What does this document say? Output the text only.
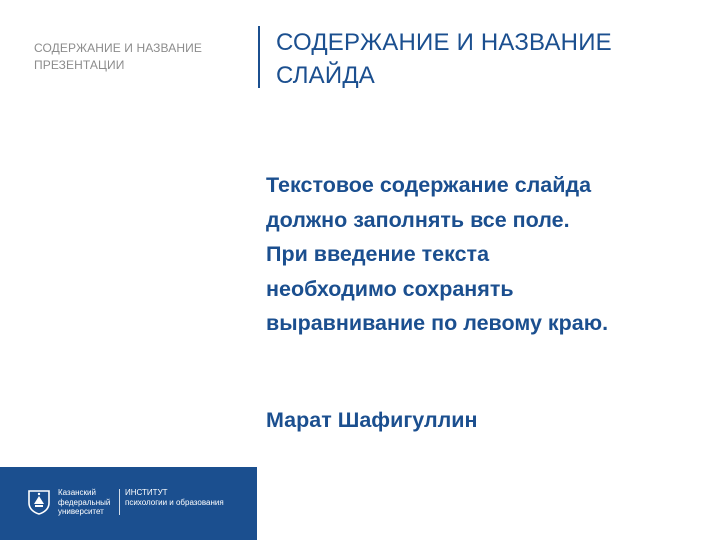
СОДЕРЖАНИЕ И НАЗВАНИЕ ПРЕЗЕНТАЦИИ
СОДЕРЖАНИЕ И НАЗВАНИЕ СЛАЙДА
Текстовое содержание слайда
должно заполнять все поле.
При введение текста
необходимо сохранять
выравнивание по левому краю.
Марат Шафигуллин
Казанский
федеральный
университет
ИНСТИТУТ
психологии и образования
